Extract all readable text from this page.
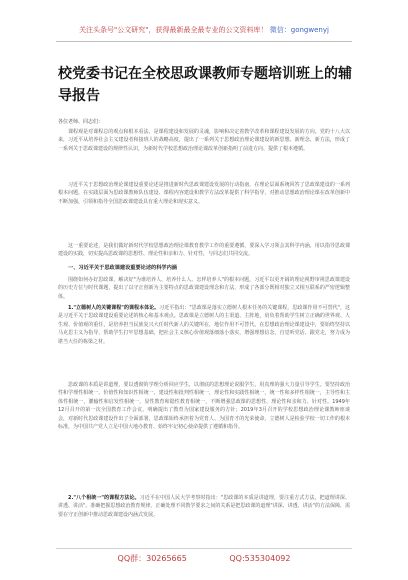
关注头条号"公文研究"，获得最新最全最专业的公文资料库！ 微信：gongwenyj
校党委书记在全校思政课教师专题培训班上的辅导报告
各位老师、同志们：

课程观是对课程总的观点和根本看法，是课程建设和发展的灵魂，影响和决定着教学改革和课程建设发展的方向。党的十八大以来，习近平从培养社会主义建设者和接班人的战略高度，提出了一系列关于思想政治理论课建设的新思想、新理念、新方法，形成了一系列关于思政课建设的规律性认识，为新时代学校思想政治理论课改革创新指明了前进方向、提供了根本遵循。

习近平关于思想政治理论课建设重要论述是推进新时代思政课建设发展的行动指南，在理论层面系统回答了思政课建设的一系列根本问题，在实践层面为思政课教师队伍建设、课程内容建设和教学方法改革提供了科学指导，对推动思想政治理论课在改革创新中不断加强，引领和指导全国思政课建设具有重大理论和现实意义。

这一重要论述，是我们做好新时代学校思想政治理论课教育教学工作的重要遵循，要深入学习领会其科学内涵，用以指导思政课建设的实践，切实提高思政课的思想性、理论性和亲和力、针对性，与同志们共同交流。

一、习近平关于思政课建设重要论述的科学内涵

围绕如何办好思政课，解决好"为谁培养人、培养什么人、怎样培养人"的根本问题，习近平以更开阔的理论视野审视思政课建设的历史方位与时代课题，提出了以守正创新为主要特点的思政课建设理念和方法，形成了各部分既相对独立又相互联系的严密逻辑整体。

1."立德树人的关键课程"的课程本体论。习近平指出："思政课是落实立德树人根本任务的关键课程，思政课作用不可替代"，这是习近平关于思政课建设重要论述的核心和基本观点。思政课是立德树人的主渠道、主阵地，肩负着帮助学生树立正确的世界观、人生观、价值观的重任，是培养担当民族复兴大任时代新人的关键所在，地位作用不可替代。在思想政治理论课建设中，要始终坚持以马克思主义为指导，帮助学生打牢思想基础，把社会主义核心价值观落细落小落实，增强理想信念，自觉听党话、跟党走，努力成为堪当大任的栋梁之材。

思政课的本质是讲道理，要以透彻的学理分析回应学生，以彻底的思想理论说服学生，用真理的强大力量引导学生。要坚持政治性和学理性相统一，价值性和知识性相统一，建设性和批判性相统一，理论性和实践性相统一，统一性和多样性相统一，主导性和主体性相统一，灌输性和启发性相统一，显性教育和隐性教育相统一，不断增强思政课的思想性、理论性和亲和力、针对性。1949年12月召开的第一次全国教育工作会议，明确提出了教育为国家建设服务的方针；2019年3月召开的学校思想政治理论课教师座谈会，对新时代思政课建设作出了全面部署，思政课始终承担着为党育人、为国育才的光荣使命，立德树人是检验学校一切工作的根本标准，为中国共产党人立足中国大地办教育、始终牢记初心使命提供了遵循和指导。

2."八个相统一"的课程方法论。习近平在中国人民大学考察时指出："思政课的本质是讲道理，要注重方式方法，把道理讲深、讲透、讲活"。准确把握思想政治教育规律，正确处理不同教学要求之间的关系是把思政课的道理"讲深、讲透、讲活"的方法保障，需要在守正创新中推动思政课建设内涵式发展。
QQ群：30265665	QQ:535304092
